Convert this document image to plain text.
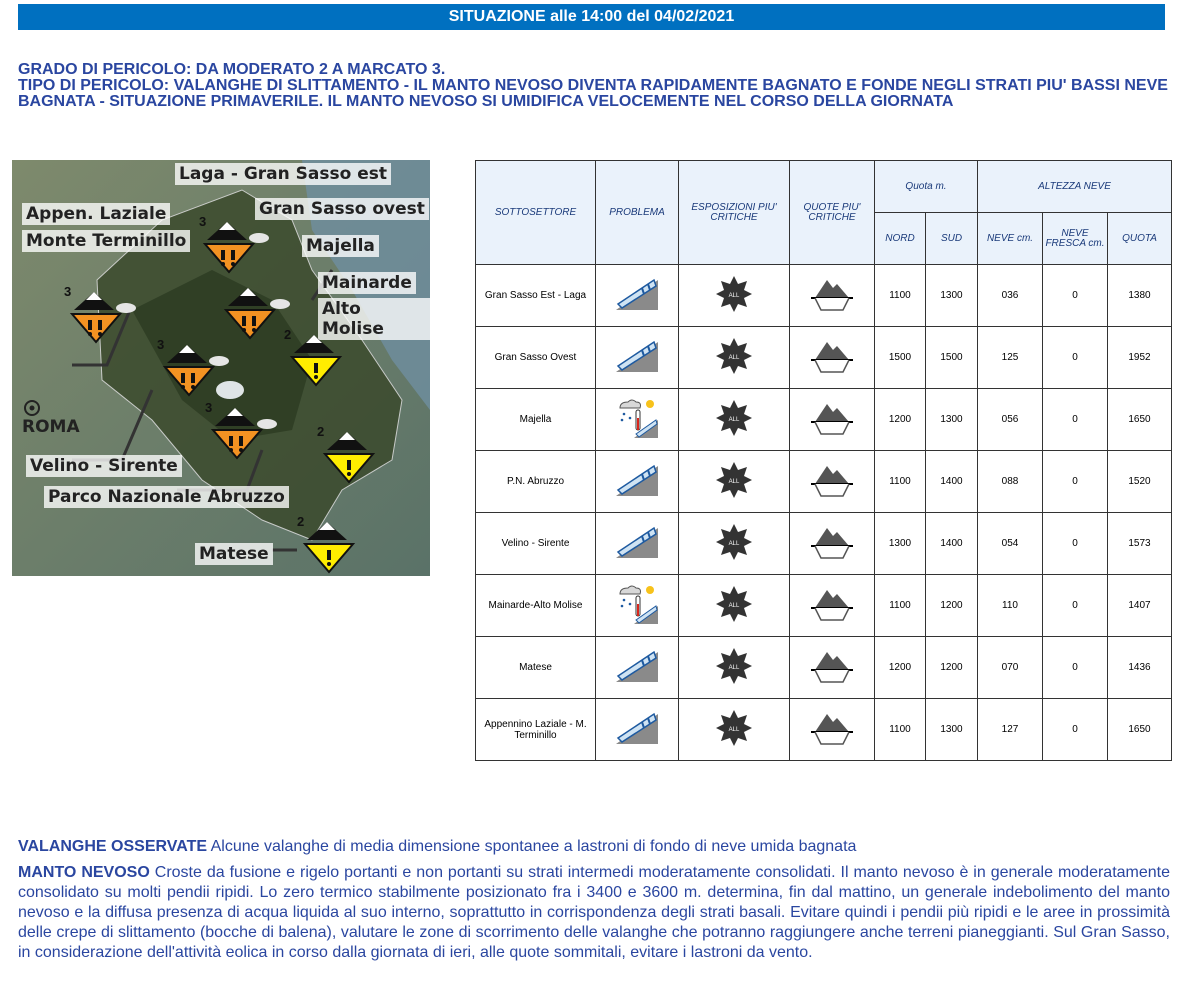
SITUAZIONE alle 14:00 del 04/02/2021
GRADO DI PERICOLO: DA MODERATO 2 A MARCATO 3.
TIPO DI PERICOLO: VALANGHE DI SLITTAMENTO - IL MANTO NEVOSO DIVENTA RAPIDAMENTE BAGNATO E FONDE NEGLI STRATI PIU' BASSI NEVE BAGNATA - SITUAZIONE PRIMAVERILE. IL MANTO NEVOSO SI UMIDIFICA VELOCEMENTE NEL CORSO DELLA GIORNATA
Laga - Gran Sasso est
Gran Sasso ovest
Appen. Laziale
Monte Terminillo	Majella
Mainarde
Alto Molise
ROMA
Velino - Sirente
Parco Nazionale Abruzzo
Matese
3
3
3
2
3
2
2
SOTTOSETTORE	PROBLEMA	ESPOSIZIONI PIU' CRITICHE	QUOTE PIU' CRITICHE	Quota m.		ALTEZZA NEVE		
				NORD	SUD	NEVE cm.	NEVE FRESCA cm.	QUOTA
Gran Sasso Est - Laga		ALL		1100	1300	036	0	1380
Gran Sasso Ovest		ALL		1500	1500	125	0	1952
Majella		ALL		1200	1300	056	0	1650
P.N. Abruzzo		ALL		1100	1400	088	0	1520
Velino - Sirente		ALL		1300	1400	054	0	1573
Mainarde-Alto Molise		ALL		1100	1200	110	0	1407
Matese		ALL		1200	1200	070	0	1436
Appennino Laziale - M. Terminillo		ALL		1100	1300	127	0	1650
VALANGHE OSSERVATE Alcune valanghe di media dimensione spontanee a lastroni di fondo di neve umida bagnata
MANTO NEVOSO Croste da fusione e rigelo portanti e non portanti su strati intermedi moderatamente consolidati. Il manto nevoso è in generale moderatamente consolidato su molti pendii ripidi. Lo zero termico stabilmente posizionato fra i 3400 e 3600 m. determina, fin dal mattino, un generale indebolimento del manto nevoso e la diffusa presenza di acqua liquida al suo interno, soprattutto in corrispondenza degli strati basali. Evitare quindi i pendii più ripidi e le aree in prossimità delle crepe di slittamento (bocche di balena), valutare le zone di scorrimento delle valanghe che potranno raggiungere anche terreni pianeggianti. Sul Gran Sasso, in considerazione dell'attività eolica in corso dalla giornata di ieri, alle quote sommitali, evitare i lastroni da vento.
